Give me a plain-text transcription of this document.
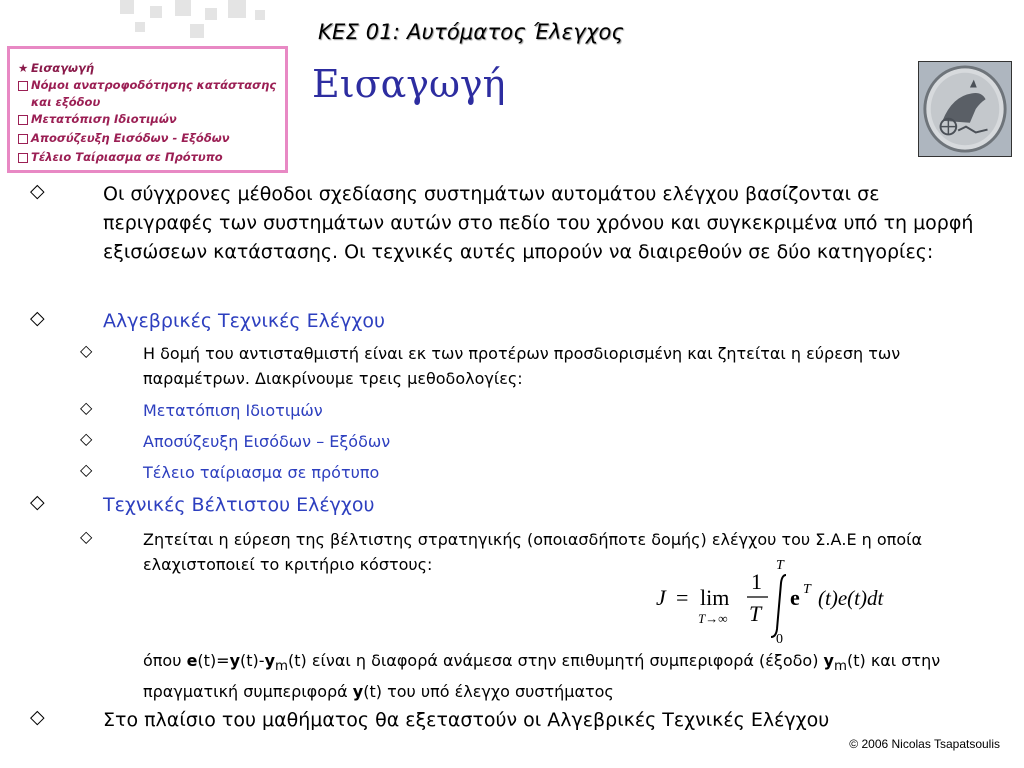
ΚΕΣ 01: Αυτόματος Έλεγχος
★ Εισαγωγή
Νόμοι ανατροφοδότησης κατάστασης και εξόδου
Μετατόπιση Ιδιοτιμών
Αποσύζευξη Εισόδων - Εξόδων
Τέλειο Ταίριασμα σε Πρότυπο
Εισαγωγή
◇	Οι σύγχρονες μέθοδοι σχεδίασης συστημάτων αυτομάτου ελέγχου βασίζονται σε περιγραφές των συστημάτων αυτών στο πεδίο του χρόνου και συγκεκριμένα υπό τη μορφή εξισώσεων κατάστασης. Οι τεχνικές αυτές μπορούν να διαιρεθούν σε δύο κατηγορίες:
◇	Αλγεβρικές Τεχνικές Ελέγχου
◇	Η δομή του αντισταθμιστή είναι εκ των προτέρων προσδιορισμένη και ζητείται η εύρεση των παραμέτρων. Διακρίνουμε τρεις μεθοδολογίες:
◇	Μετατόπιση Ιδιοτιμών
◇	Αποσύζευξη Εισόδων – Εξόδων
◇	Τέλειο ταίριασμα σε πρότυπο
◇	Τεχνικές Βέλτιστου Ελέγχου
◇	Ζητείται η εύρεση της βέλτιστης στρατηγικής (οποιασδήποτε δομής) ελέγχου του Σ.Α.Ε η οποία ελαχιστοποιεί το κριτήριο κόστους:
J = lim
T→∞
1
T
T
0
e T (t)e(t)dt
όπου $e(t)=y(t)-y_m(t)$ είναι η διαφορά ανάμεσα στην επιθυμητή συμπεριφορά (έξοδο) $y_m(t)$ και στην πραγματική συμπεριφορά y(t) του υπό έλεγχο συστήματος
◇	Στο πλαίσιο του μαθήματος θα εξεταστούν οι Αλγεβρικές Τεχνικές Ελέγχου
© 2006 Nicolas Tsapatsoulis
